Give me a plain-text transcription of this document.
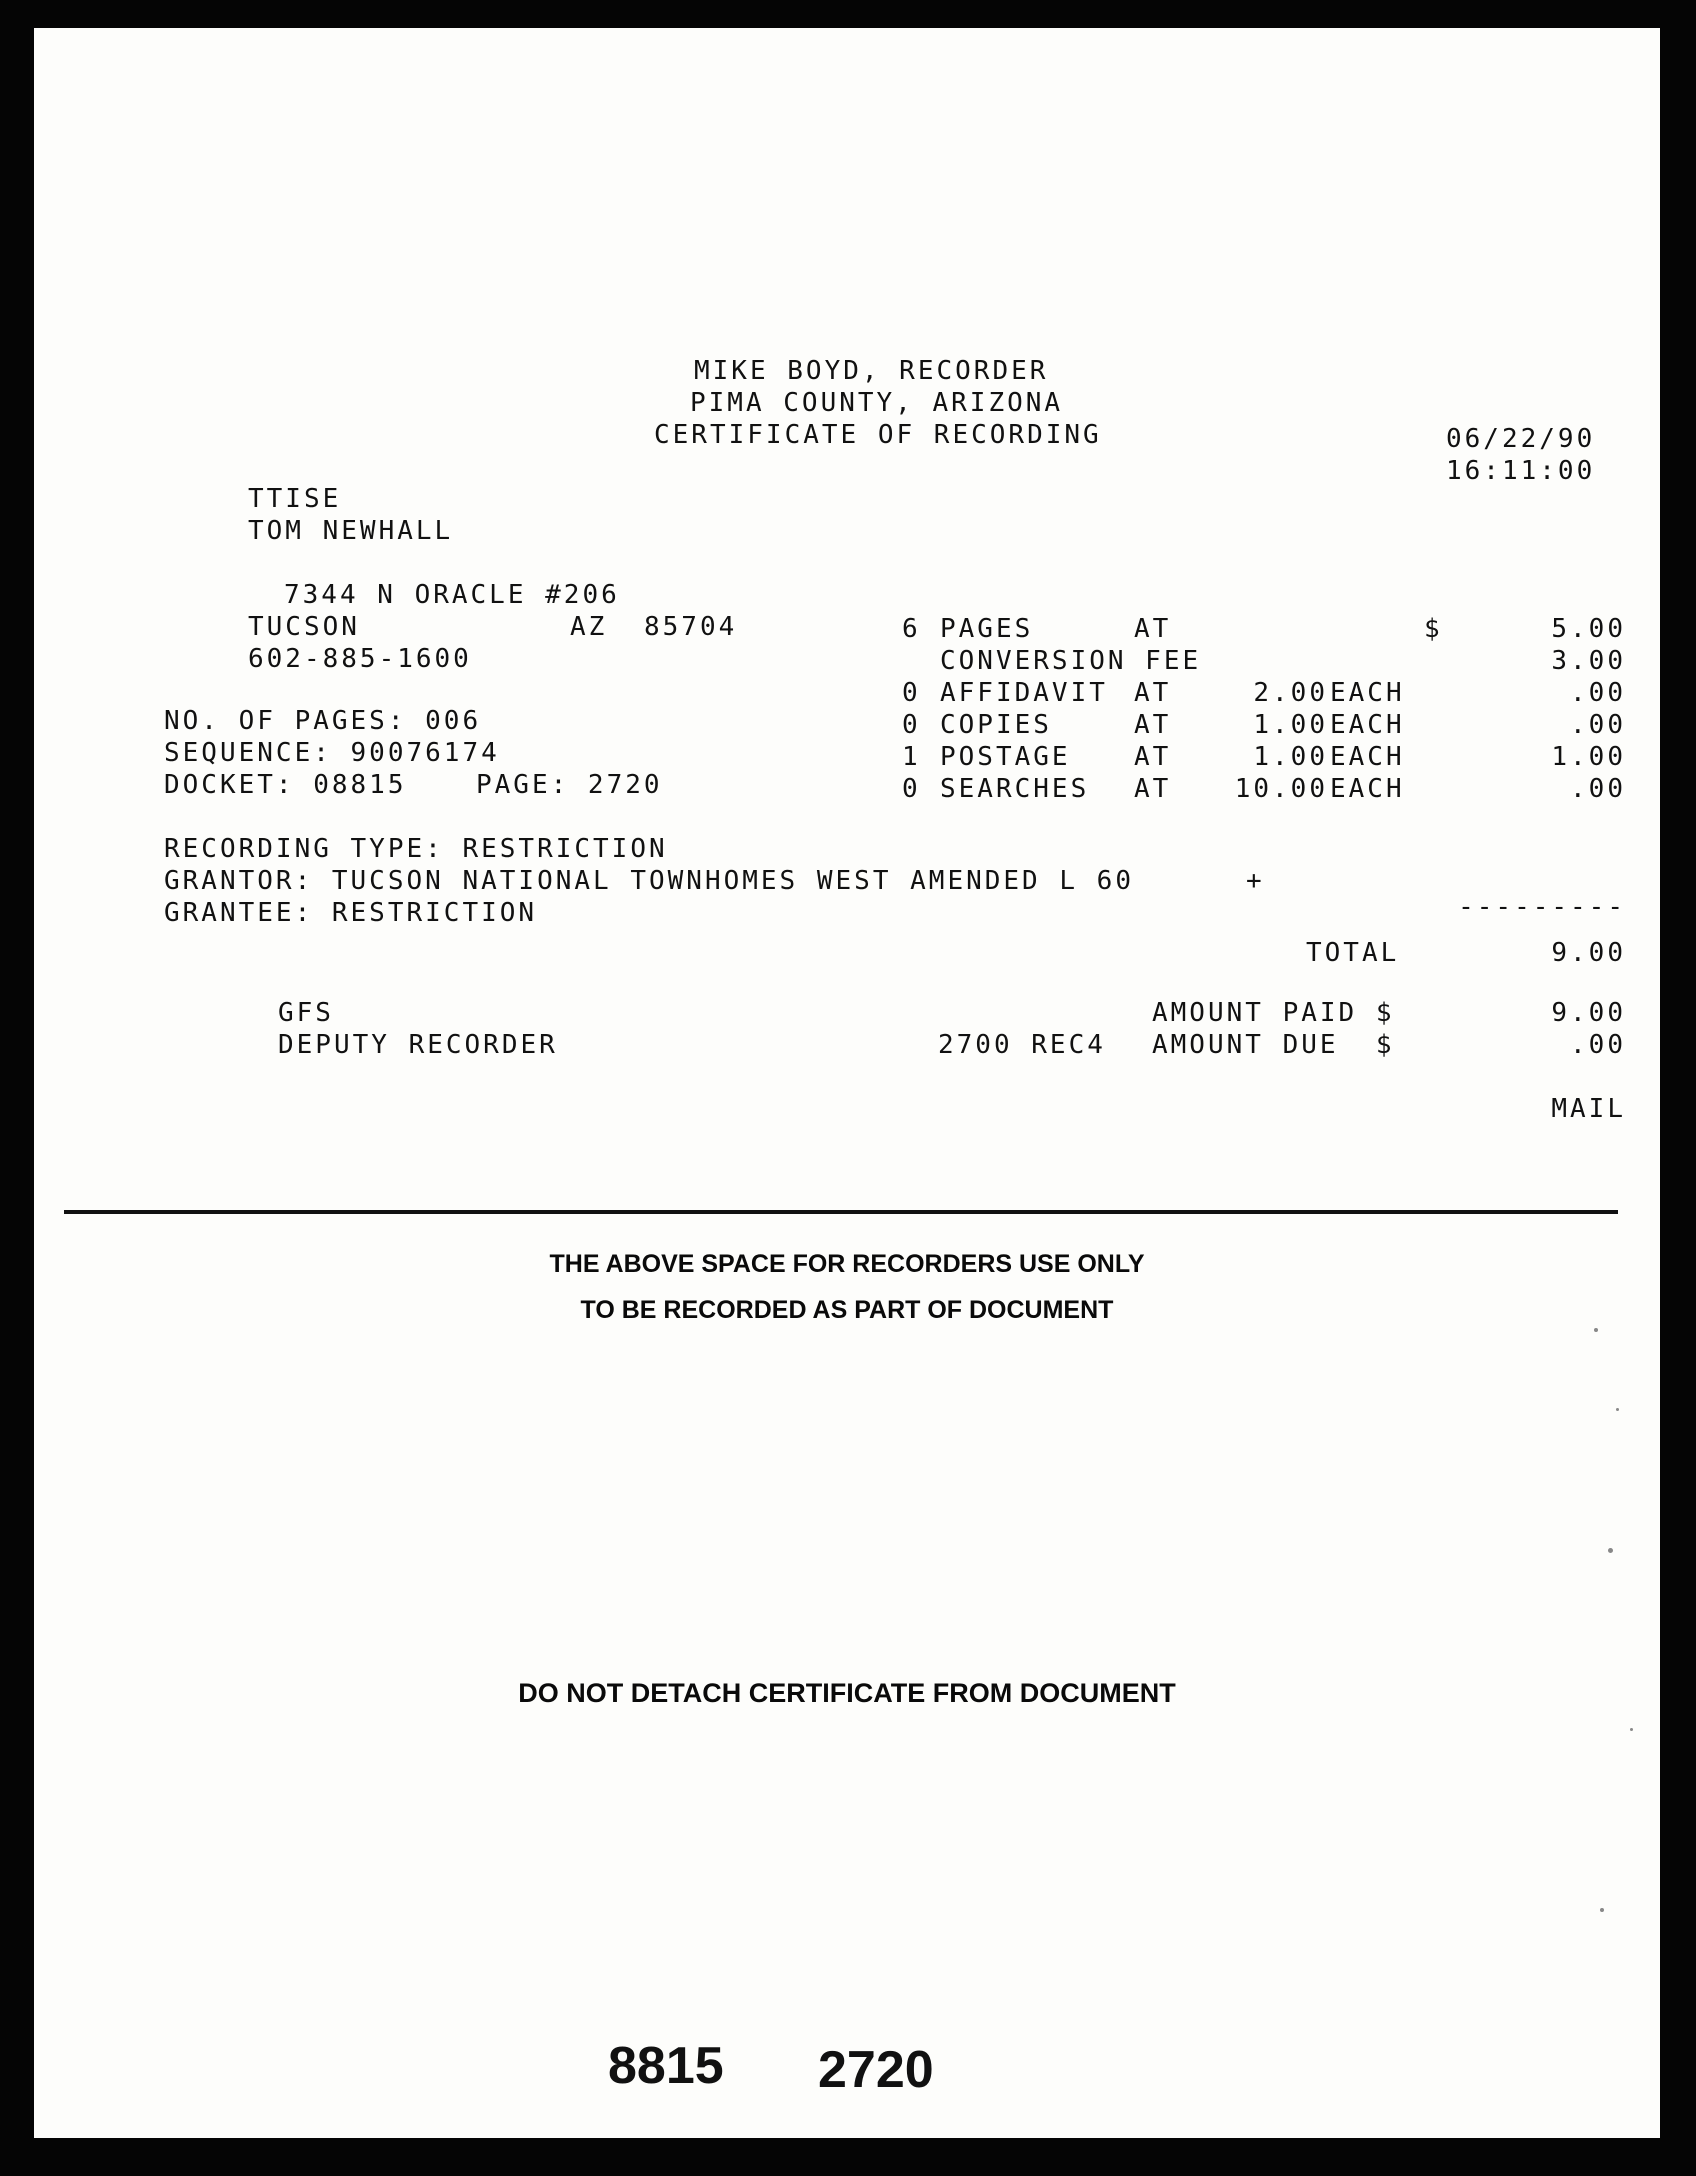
MIKE BOYD, RECORDER
PIMA COUNTY, ARIZONA
CERTIFICATE OF RECORDING	06/22/90
16:11:00
TTISE
TOM NEWHALL
7344 N ORACLE #206
TUCSON	AZ 85704
602-885-1600
NO. OF PAGES: 006
SEQUENCE: 90076174
DOCKET: 08815	PAGE: 2720
6 PAGES	AT	$	5.00
CONVERSION FEE	3.00
0 AFFIDAVIT AT	2.00 EACH	.00
0 COPIES	AT	1.00 EACH	.00
1 POSTAGE AT	1.00 EACH	1.00
0 SEARCHES AT	10.00 EACH	.00
RECORDING TYPE: RESTRICTION
GRANTOR: TUCSON NATIONAL TOWNHOMES WEST AMENDED L 60	+
GRANTEE: RESTRICTION	---------
TOTAL	9.00
GFS	AMOUNT PAID $	9.00
DEPUTY RECORDER	2700 REC4 AMOUNT DUE  $	.00
MAIL
THE ABOVE SPACE FOR RECORDERS USE ONLY
TO BE RECORDED AS PART OF DOCUMENT
DO NOT DETACH CERTIFICATE FROM DOCUMENT
8815 2720
